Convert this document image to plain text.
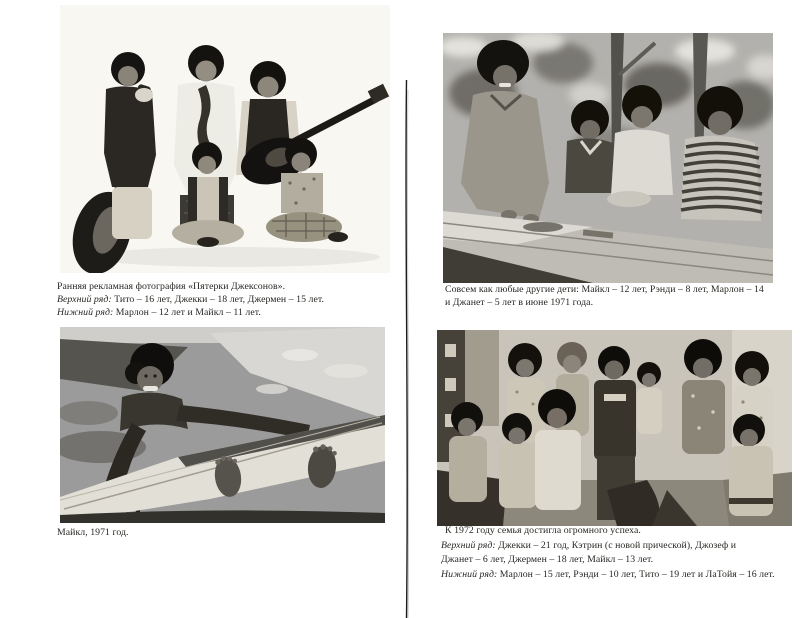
Ранняя рекламная фотография «Пятерки Джексонов».
Верхний ряд: Тито – 16 лет, Джекки – 18 лет, Джермен – 15 лет.
Нижний ряд: Марлон – 12 лет и Майкл – 11 лет.
Майкл, 1971 год.
Совсем как любые другие дети: Майкл – 12 лет, Рэнди – 8 лет, Марлон – 14
и Джанет – 5 лет в июне 1971 года.
К 1972 году семья достигла огромного успеха.
Верхний ряд: Джекки – 21 год, Кэтрин (с новой прической), Джозеф и
Джанет – 6 лет, Джермен – 18 лет, Майкл – 13 лет.
Нижний ряд: Марлон – 15 лет, Рэнди – 10 лет, Тито – 19 лет и ЛаТойя – 16 лет.
